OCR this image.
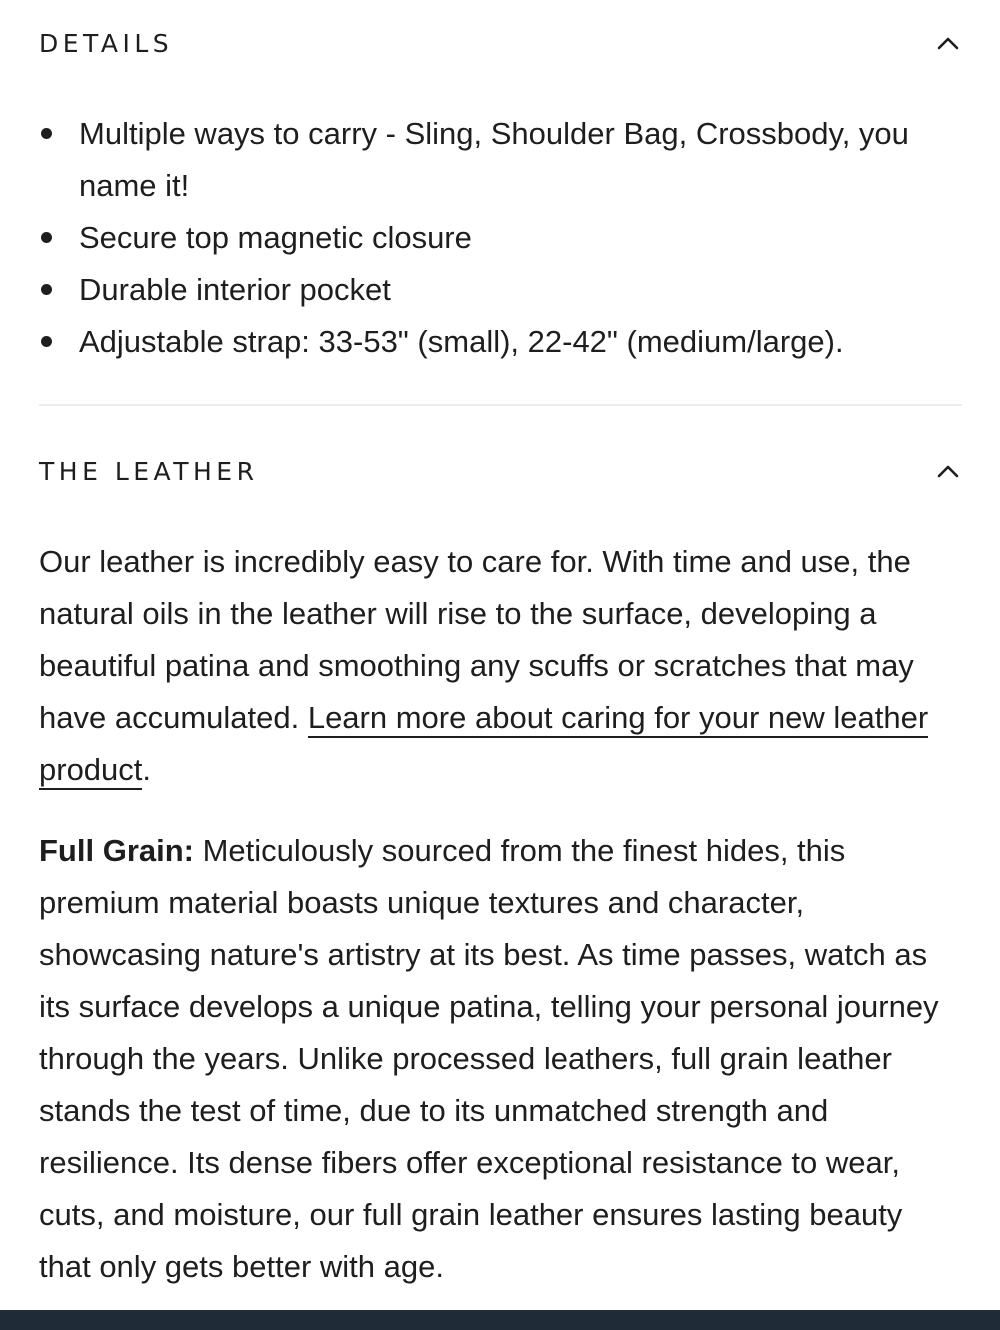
DETAILS
Multiple ways to carry - Sling, Shoulder Bag, Crossbody, you name it!
Secure top magnetic closure
Durable interior pocket
Adjustable strap: 33-53" (small), 22-42" (medium/large).
THE LEATHER

Our leather is incredibly easy to care for. With time and use, the natural oils in the leather will rise to the surface, developing a beautiful patina and smoothing any scuffs or scratches that may have accumulated. Learn more about caring for your new leather product.

Full Grain: Meticulously sourced from the finest hides, this premium material boasts unique textures and character, showcasing nature's artistry at its best. As time passes, watch as its surface develops a unique patina, telling your personal journey through the years. Unlike processed leathers, full grain leather stands the test of time, due to its unmatched strength and resilience. Its dense fibers offer exceptional resistance to wear, cuts, and moisture, our full grain leather ensures lasting beauty that only gets better with age.
